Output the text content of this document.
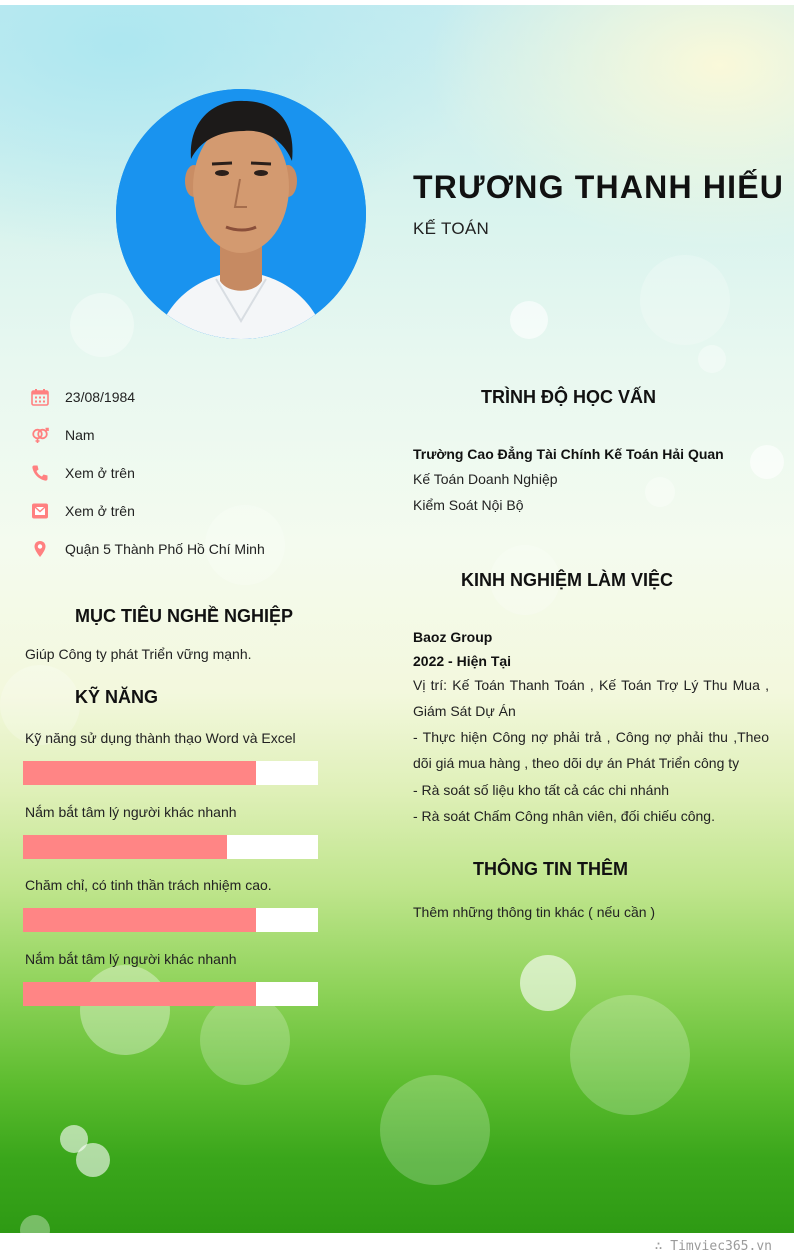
TRƯƠNG THANH HIẾU
KẾ TOÁN
23/08/1984
Nam
Xem ở trên
Xem ở trên
Quận 5 Thành Phố Hồ Chí Minh
MỤC TIÊU NGHỀ NGHIỆP
Giúp Công ty phát Triển vững mạnh.
KỸ NĂNG
Kỹ năng sử dụng thành thạo Word và Excel
Nắm bắt tâm lý người khác nhanh
Chăm chỉ, có tinh thần trách nhiệm cao.
Nắm bắt tâm lý người khác nhanh
TRÌNH ĐỘ HỌC VẤN
Trường Cao Đẳng Tài Chính Kế Toán Hải Quan
Kế Toán Doanh Nghiệp
Kiểm Soát Nội Bộ
KINH NGHIỆM LÀM VIỆC
Baoz Group
2022 - Hiện Tại
Vị trí: Kế Toán Thanh Toán , Kế Toán Trợ Lý Thu Mua , Giám Sát Dự Án
- Thực hiện Công nợ phải trả , Công nợ phải thu ,Theo dõi giá mua hàng , theo dõi dự án Phát Triển công ty
- Rà soát số liệu kho tất cả các chi nhánh
- Rà soát Chấm Công nhân viên, đối chiếu công.
THÔNG TIN THÊM
Thêm những thông tin khác ( nếu cần )
∴ Timviec365.vn
